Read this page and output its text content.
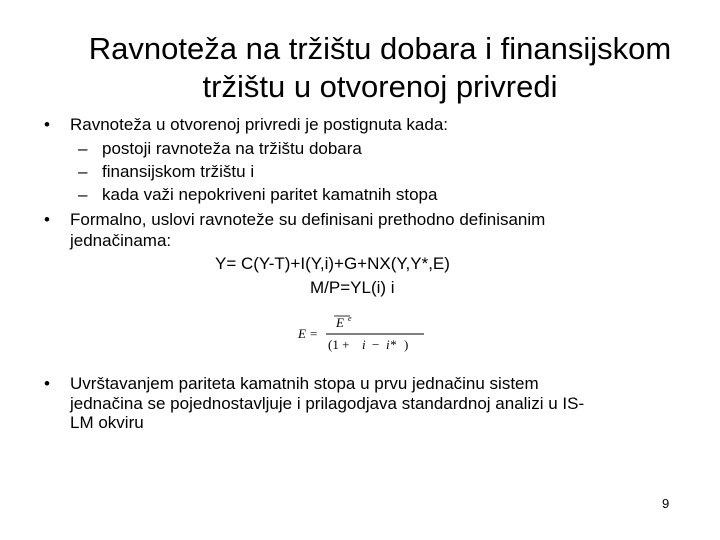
Ravnoteža na tržištu dobara i finansijskom
tržištu u otvorenoj privredi
• Ravnoteža u otvorenoj privredi je postignuta kada:
– postoji ravnoteža na tržištu dobara
– finansijskom tržištu i
– kada važi nepokriveni paritet kamatnih stopa
• Formalno, uslovi ravnoteže su definisani prethodno definisanim
jednačinama:
Y= C(Y-T)+I(Y,i)+G+NX(Y,Y*,E)
M/P=YL(i) i
• Uvrštavanjem pariteta kamatnih stopa u prvu jednačinu sistem
jednačina se pojednostavljuje i prilagodjava standardnoj analizi u IS-
LM okviru
E =
E e
(1 + i − i* )
9
